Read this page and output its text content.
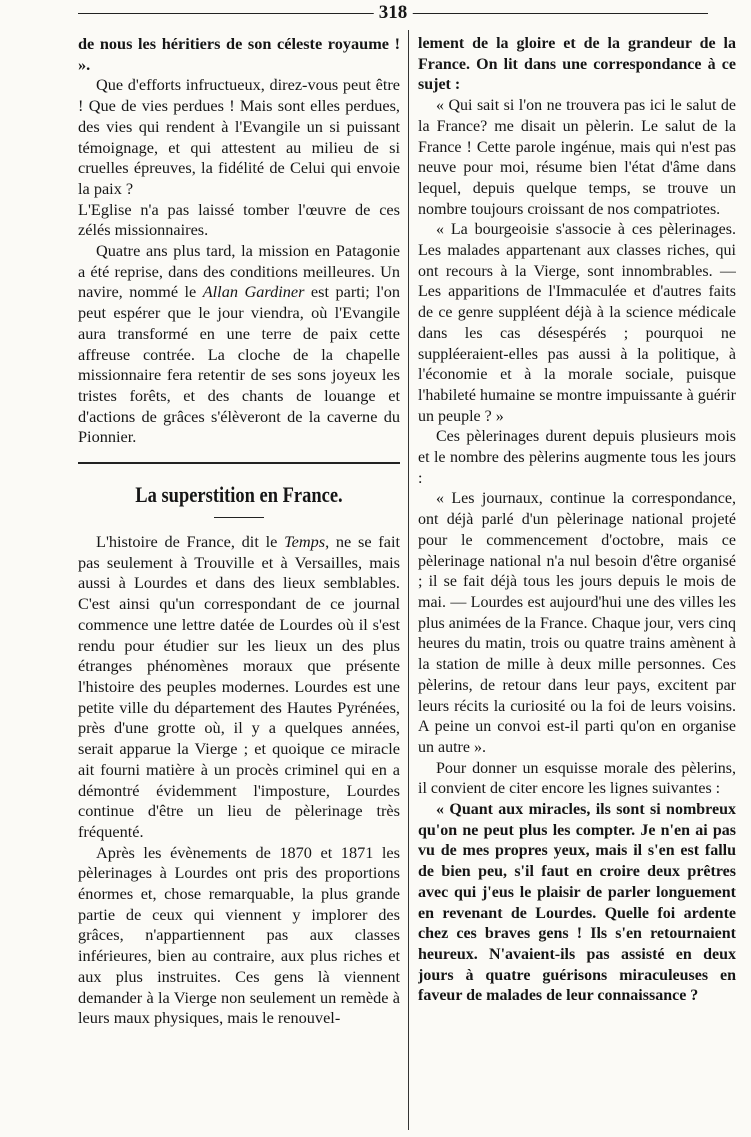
318

de nous les héritiers de son céleste royaume ! ».

Que d'efforts infructueux, direz-vous peut être ! Que de vies perdues ! Mais sont elles perdues, des vies qui rendent à l'Evangile un si puissant témoignage, et qui attestent au milieu de si cruelles épreuves, la fidélité de Celui qui envoie la paix ?

L'Eglise n'a pas laissé tomber l'œuvre de ces zélés missionnaires.

Quatre ans plus tard, la mission en Patagonie a été reprise, dans des conditions meilleures. Un navire, nommé le Allan Gardiner est parti; l'on peut espérer que le jour viendra, où l'Evangile aura transformé en une terre de paix cette affreuse contrée. La cloche de la chapelle missionnaire fera retentir de ses sons joyeux les tristes forêts, et des chants de louange et d'actions de grâces s'élèveront de la caverne du Pionnier.

La superstition en France.

L'histoire de France, dit le Temps, ne se fait pas seulement à Trouville et à Versailles, mais aussi à Lourdes et dans des lieux semblables. C'est ainsi qu'un correspondant de ce journal commence une lettre datée de Lourdes où il s'est rendu pour étudier sur les lieux un des plus étranges phénomènes moraux que présente l'histoire des peuples modernes. Lourdes est une petite ville du département des Hautes Pyrénées, près d'une grotte où, il y a quelques années, serait apparue la Vierge ; et quoique ce miracle ait fourni matière à un procès criminel qui en a démontré évidemment l'imposture, Lourdes continue d'être un lieu de pèlerinage très fréquenté.

Après les évènements de 1870 et 1871 les pèlerinages à Lourdes ont pris des proportions énormes et, chose remarquable, la plus grande partie de ceux qui viennent y implorer des grâces, n'appartiennent pas aux classes inférieures, bien au contraire, aux plus riches et aux plus instruites. Ces gens là viennent demander à la Vierge non seulement un remède à leurs maux physiques, mais le renouvel-

lement de la gloire et de la grandeur de la France. On lit dans une correspondance à ce sujet :

« Qui sait si l'on ne trouvera pas ici le salut de la France? me disait un pèlerin. Le salut de la France ! Cette parole ingénue, mais qui n'est pas neuve pour moi, résume bien l'état d'âme dans lequel, depuis quelque temps, se trouve un nombre toujours croissant de nos compatriotes.

« La bourgeoisie s'associe à ces pèlerinages. Les malades appartenant aux classes riches, qui ont recours à la Vierge, sont innombrables. — Les apparitions de l'Immaculée et d'autres faits de ce genre suppléent déjà à la science médicale dans les cas désespérés ; pourquoi ne suppléeraient-elles pas aussi à la politique, à l'économie et à la morale sociale, puisque l'habileté humaine se montre impuissante à guérir un peuple ? »

Ces pèlerinages durent depuis plusieurs mois et le nombre des pèlerins augmente tous les jours :

« Les journaux, continue la correspondance, ont déjà parlé d'un pèlerinage national projeté pour le commencement d'octobre, mais ce pèlerinage national n'a nul besoin d'être organisé ; il se fait déjà tous les jours depuis le mois de mai. — Lourdes est aujourd'hui une des villes les plus animées de la France. Chaque jour, vers cinq heures du matin, trois ou quatre trains amènent à la station de mille à deux mille personnes. Ces pèlerins, de retour dans leur pays, excitent par leurs récits la curiosité ou la foi de leurs voisins. A peine un convoi est-il parti qu'on en organise un autre ».

Pour donner un esquisse morale des pèlerins, il convient de citer encore les lignes suivantes :

« Quant aux miracles, ils sont si nombreux qu'on ne peut plus les compter. Je n'en ai pas vu de mes propres yeux, mais il s'en est fallu de bien peu, s'il faut en croire deux prêtres avec qui j'eus le plaisir de parler longuement en revenant de Lourdes. Quelle foi ardente chez ces braves gens ! Ils s'en retournaient heureux. N'avaient-ils pas assisté en deux jours à quatre guérisons miraculeuses en faveur de malades de leur connaissance ?
